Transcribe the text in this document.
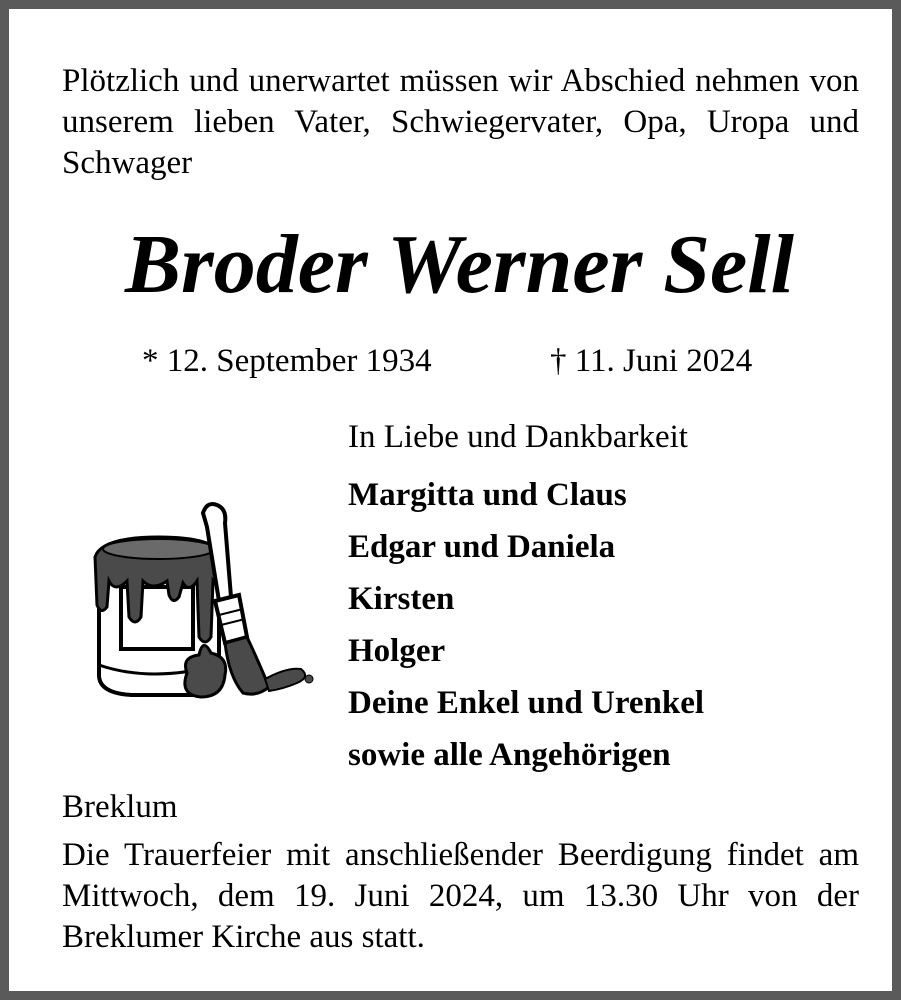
Plötzlich und unerwartet müssen wir Abschied nehmen von unserem lieben Vater, Schwiegervater, Opa, Uropa und Schwager

Broder Werner Sell
* 12. September 1934	† 11. Juni 2024

In Liebe und Dankbarkeit

Margitta und Claus
Edgar und Daniela
Kirsten
Holger
Deine Enkel und Urenkel
sowie alle Angehörigen

Breklum

Die Trauerfeier mit anschließender Beerdigung findet am Mittwoch, dem 19. Juni 2024, um 13.30 Uhr von der Breklumer Kirche aus statt.
